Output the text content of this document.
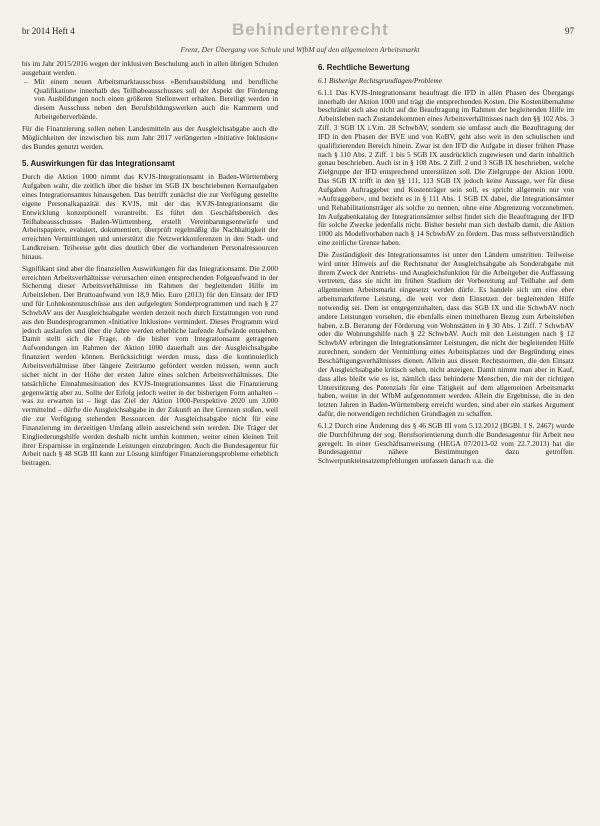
br 2014 Heft 4	Behindertenrecht	97
Frenz, Der Übergang von Schule und WfbM auf den allgemeinen Arbeitsmarkt

bis im Jahr 2015/2016 wegen der inklusiven Beschulung auch in allen übrigen Schulen ausgebaut werden.

– Mit einem neuen Arbeitsmarktausschuss »Berufsausbildung und berufliche Qualifikation« innerhalb des Teilhabeausschusses soll der Aspekt der Förderung von Ausbildungen noch einen größeren Stellenwert erhalten. Bereiligt werden in diesem Ausschuss neben den Berufsbildungswerken auch die Kammern und Arbeitgeberverbände.

Für die Finanzierung sollen neben Landesmitteln aus der Ausgleichsabgabe auch die Möglichkeiten der inzwischen bis zum Jahr 2017 verlängerten »Initiative Inklusion« des Bundes genutzt werden.

5. Auswirkungen für das Integrationsamt

Durch die Aktion 1000 nimmt das KVJS-Integrationsamt in Baden-Württemberg Aufgaben wahr, die zeitlich über die bisher im SGB IX beschriebenen Kernaufgaben eines Integrationsamtes hinausgehen. Das betrifft zunächst die zur Verfügung gestellte eigene Personalkapazität des KVJS, mit der das KVJS-Integrationsamt die Entwicklung konzeptionell vorantreibt. Es führt den Geschäftsbereich des Teilhabeausschusses Baden-Württemberg, erstellt Vereinbarungsentwürfe und Arbeitspapiere, evaluiert, dokumentiert, überprüft regelmäßig die Nachhaltigkeit der erreichten Vermittlungen und unterstützt die Netzwerkkonferenzen in den Stadt- und Landkreisen. Teilweise geht dies deutlich über die vorhandenen Personalressourcen hinaus.

Signifikant sind aber die finanziellen Auswirkungen für das Integrationsamt. Die 2.000 erreichten Arbeitsverhältnisse verursachen einen entsprechenden Folgeaufwand in der Sicherung dieser Arbeitsverhältnisse im Rahmen der begleitenden Hilfe im Arbeitsleben. Der Bruttoaufwand von 18,9 Mio. Euro (2013) für den Einsatz der IFD und für Lohnkostenzuschüsse aus den aufgelegten Sonderprogrammen und nach § 27 SchwbAV aus der Ausgleichsabgabe werden derzeit noch durch Erstattungen von rund aus den Bundesprogrammen »Initiative Inklusion« vermindert. Dieses Programm wird jedoch auslaufen und über die Jahre werden erhebliche laufende Aufwände entstehen. Damit stellt sich die Frage, ob die bisher vom Integrationsamt getragenen Aufwendungen im Rahmen der Aktion 1000 dauerhaft aus der Ausgleichsabgabe finanziert werden können. Berücksichtigt werden muss, dass die kontinuierlich Arbeitsverhältnisse über längere Zeiträume gefördert werden müssen, wenn auch sicher nicht in der Höhe der ersten Jahre eines solchen Arbeitsverhältnisses. Die tatsächliche Einnahmesituation des KVJS-Integrationsamtes lässt die Finanzierung gegenwärtig aber zu. Sollte der Erfolg jedoch weiter in der bisherigen Form anhalten – was zu erwarten ist – liegt das Ziel der Aktion 1000-Perspektive 2020 um 3.000 vermittelnd – dürfte die Ausgleichsabgabe in der Zukunft an ihre Grenzen stoßen, weil die zur Verfügung stehenden Ressourcen der Ausgleichsabgabe nicht für eine Finanzierung im derzeitigen Umfang allein ausreichend sein werden. Die Träger der Eingliederungshilfe werden deshalb nicht umhin kommen, weiter einen kleinen Teil ihrer Ersparnisse in ergänzende Leistungen einzubringen. Auch die Bundesagentur für Arbeit nach § 48 SGB III kann zur Lösung künftiger Finanzierungsprobleme erheblich beitragen.

6. Rechtliche Bewertung
6.1 Bisherige Rechtsgrundlagen/Probleme

6.1.1 Das KVJS-Integrationsamt beauftragt die IFD in allen Phasen des Übergangs innerhalb der Aktion 1000 und trägt die entsprechenden Kosten. Die Kostenübernahme beschränkt sich also nicht auf die Beauftragung im Rahmen der begleitenden Hilfe im Arbeitsleben nach Zustandekommen eines Arbeitsverhältnisses nach den §§ 102 Abs. 3 Ziff. 3 SGB IX i.V.m. 28 SchwbAV, sondern sie umfasst auch die Beauftragung der IFD in den Phasen der BVE und von KoBV, geht also weit in den schulischen und qualifizierenden Bereich hinein. Zwar ist den IFD die Aufgabe in dieser frühen Phase nach § 110 Abs. 2 Ziff. 1 bis 5 SGB IX ausdrücklich zugewiesen und darin inhaltlich genau beschrieben. Auch ist in § 108 Abs. 2 Ziff. 2 und 3 SGB IX beschrieben, welche Zielgruppe der IFD entsprechend unterstützen soll. Die Zielgruppe der Aktion 1000. Das SGB IX trifft in den §§ 111, 113 SGB IX jedoch keine Aussage, wer für diese Aufgaben Auftraggeber und Kostenträger sein soll, es spricht allgemein nur von »Auftraggeber«, und bezieht es in § 111 Abs. 1 SGB IX dabei, die Integrationsämter und Rehabilitationsträger als solche zu nennen, ohne eine Abgrenzung vorzunehmen. Im Aufgabenkatalog der Integrationsämter selbst findet sich die Beauftragung der IFD für solche Zwecke jedenfalls nicht. Bisher besteht man sich deshalb damit, die Aktion 1000 als Modellvorhaben nach § 14 SchwbAV zu fördern. Das muss selbstverständlich eine zeitliche Grenze haben.

Die Zuständigkeit des Integrationsamtes ist unter den Ländern umstritten. Teilweise wird unter Hinweis auf die Rechtsnatur der Ausgleichsabgabe als Sonderabgabe mit ihrem Zweck der Antriebs- und Ausgleichsfunktion für die Arbeitgeber die Auffassung vertreten, dass sie nicht im frühen Stadium der Vorbereitung auf Teilhabe auf dem allgemeinen Arbeitsmarkt eingesetzt werden dürfe. Es handele sich um eine eher arbeitsmarktferne Leistung, die weit vor dem Einsetzen der begleitenden Hilfe notwendig sei. Dem ist entgegenzuhalten, dass das SGB IX und die SchwbAV noch andere Leistungen vorsehen, die ebenfalls einen mittelbaren Bezug zum Arbeitsleben haben, z.B. Beratung der Förderung von Wohnstätten in § 30 Abs. 1 Ziff. 7 SchwbAV oder die Wohnungshilfe nach § 22 SchwbAV. Auch mit den Leistungen nach § 12 SchwbAV erbringen die Integrationsämter Leistungen, die nicht der begleitenden Hilfe zurechnen, sondern der Vermittlung eines Arbeitsplatzes und der Begründung eines Beschäftigungsverhältnisses dienen. Allein aus diesen Rechtsnormen, die den Einsatz der Ausgleichsabgabe kritisch sehen, nicht anzeigen. Damit nimmt man aber in Kauf, dass alles bleibt wie es ist, nämlich dass behinderte Menschen, die mit der richtigen Unterstützung des Potenzials für eine Tätigkeit auf dem allgemeinen Arbeitsmarkt haben, weiter in der WfbM aufgenommen werden. Allein die Ergebnisse, die in den letzten Jahren in Baden-Württemberg erreicht wurden, sind aber ein starkes Argument dafür, die notwendigen rechtlichen Grundlagen zu schaffen.

6.1.2 Durch eine Änderung des § 46 SGB III vom 5.12.2012 (BGBl. I S. 2467) wurde die Durchführung der sog. Berufsorientierung durch die Bundesagentur für Arbeit neu geregelt. In einer Geschäftsanweisung (HEGA 07/2013-02 vom 22.7.2013) hat die Bundesagentur nähere Bestimmungen dazu getroffen. Schwerpunkteinsatzempfehlungen umfassen danach u.a. die
